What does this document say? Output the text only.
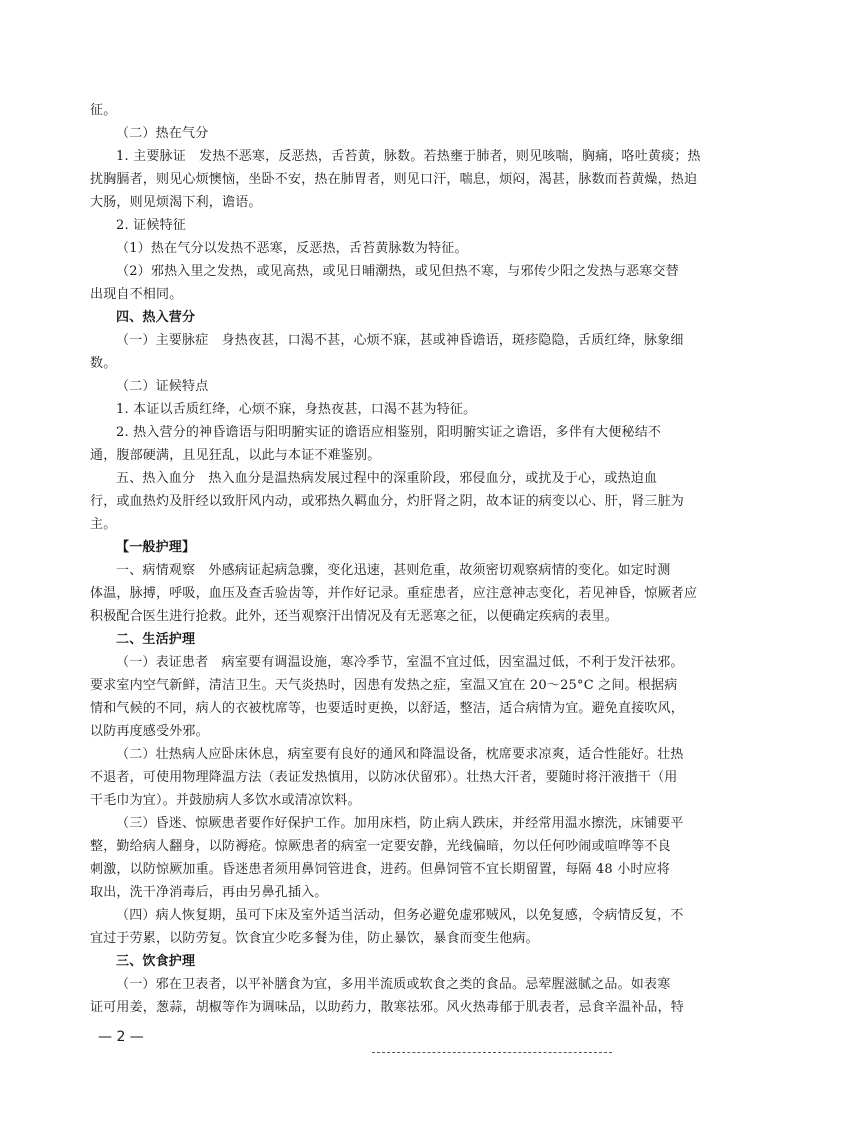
征。
（二）热在气分
1. 主要脉证　发热不恶寒，反恶热，舌苔黄，脉数。若热壅于肺者，则见咳喘，胸痛，咯吐黄痰；热
扰胸膈者，则见心烦懊恼，坐卧不安，热在肺胃者，则见口汗，喘息，烦闷，渴甚，脉数而苔黄燥，热迫
大肠，则见烦渴下利，谵语。
2. 证候特征
（1）热在气分以发热不恶寒，反恶热，舌苔黄脉数为特征。
（2）邪热入里之发热，或见高热，或见日晡潮热，或见但热不寒，与邪传少阳之发热与恶寒交替
出现自不相同。
四、热入营分
（一）主要脉症　身热夜甚，口渴不甚，心烦不寐，甚或神昏谵语，斑疹隐隐，舌质红绛，脉象细
数。
（二）证候特点
1. 本证以舌质红绛，心烦不寐，身热夜甚，口渴不甚为特征。
2. 热入营分的神昏谵语与阳明腑实证的谵语应相鉴别，阳明腑实证之谵语，多伴有大便秘结不
通，腹部硬满，且见狂乱，以此与本证不难鉴别。
五、热入血分　热入血分是温热病发展过程中的深重阶段，邪侵血分，或扰及于心，或热迫血
行，或血热灼及肝经以致肝风内动，或邪热久羁血分，灼肝肾之阴，故本证的病变以心、肝，肾三脏为
主。
【一般护理】
一、病情观察　外感病证起病急骤，变化迅速，甚则危重，故须密切观察病情的变化。如定时测
体温，脉搏，呼吸，血压及查舌验齿等，并作好记录。重症患者，应注意神志变化，若见神昏，惊厥者应
积极配合医生进行抢救。此外，还当观察汗出情况及有无恶寒之征，以便确定疾病的表里。
二、生活护理
（一）表证患者　病室要有调温设施，寒冷季节，室温不宜过低，因室温过低，不利于发汗祛邪。
要求室内空气新鲜，清洁卫生。天气炎热时，因患有发热之症，室温又宜在 20～25°C 之间。根据病
情和气候的不同，病人的衣被枕席等，也要适时更换，以舒适，整洁，适合病情为宜。避免直接吹风，
以防再度感受外邪。
（二）壮热病人应卧床休息，病室要有良好的通风和降温设备，枕席要求凉爽，适合性能好。壮热
不退者，可使用物理降温方法（表证发热慎用，以防冰伏留邪）。壮热大汗者，要随时将汗液揩干（用
干毛巾为宜）。并鼓励病人多饮水或清凉饮料。
（三）昏迷、惊厥患者要作好保护工作。加用床档，防止病人跌床，并经常用温水擦洗，床铺要平
整，勤给病人翻身，以防褥疮。惊厥患者的病室一定要安静，光线偏暗，勿以任何吵闹或喧哗等不良
刺激，以防惊厥加重。昏迷患者须用鼻饲管进食，进药。但鼻饲管不宜长期留置，每隔 48 小时应将
取出，洗干净消毒后，再由另鼻孔插入。
（四）病人恢复期，虽可下床及室外适当活动，但务必避免虚邪贼风，以免复感，令病情反复，不
宜过于劳累，以防劳复。饮食宜少吃多餐为佳，防止暴饮，暴食而变生他病。
三、饮食护理
（一）邪在卫表者，以平补膳食为宜，多用半流质或软食之类的食品。忌荤腥滋腻之品。如表寒
证可用姜，葱蒜，胡椒等作为调味品，以助药力，散寒祛邪。风火热毒郁于肌表者，忌食辛温补品，特
— 2 —
